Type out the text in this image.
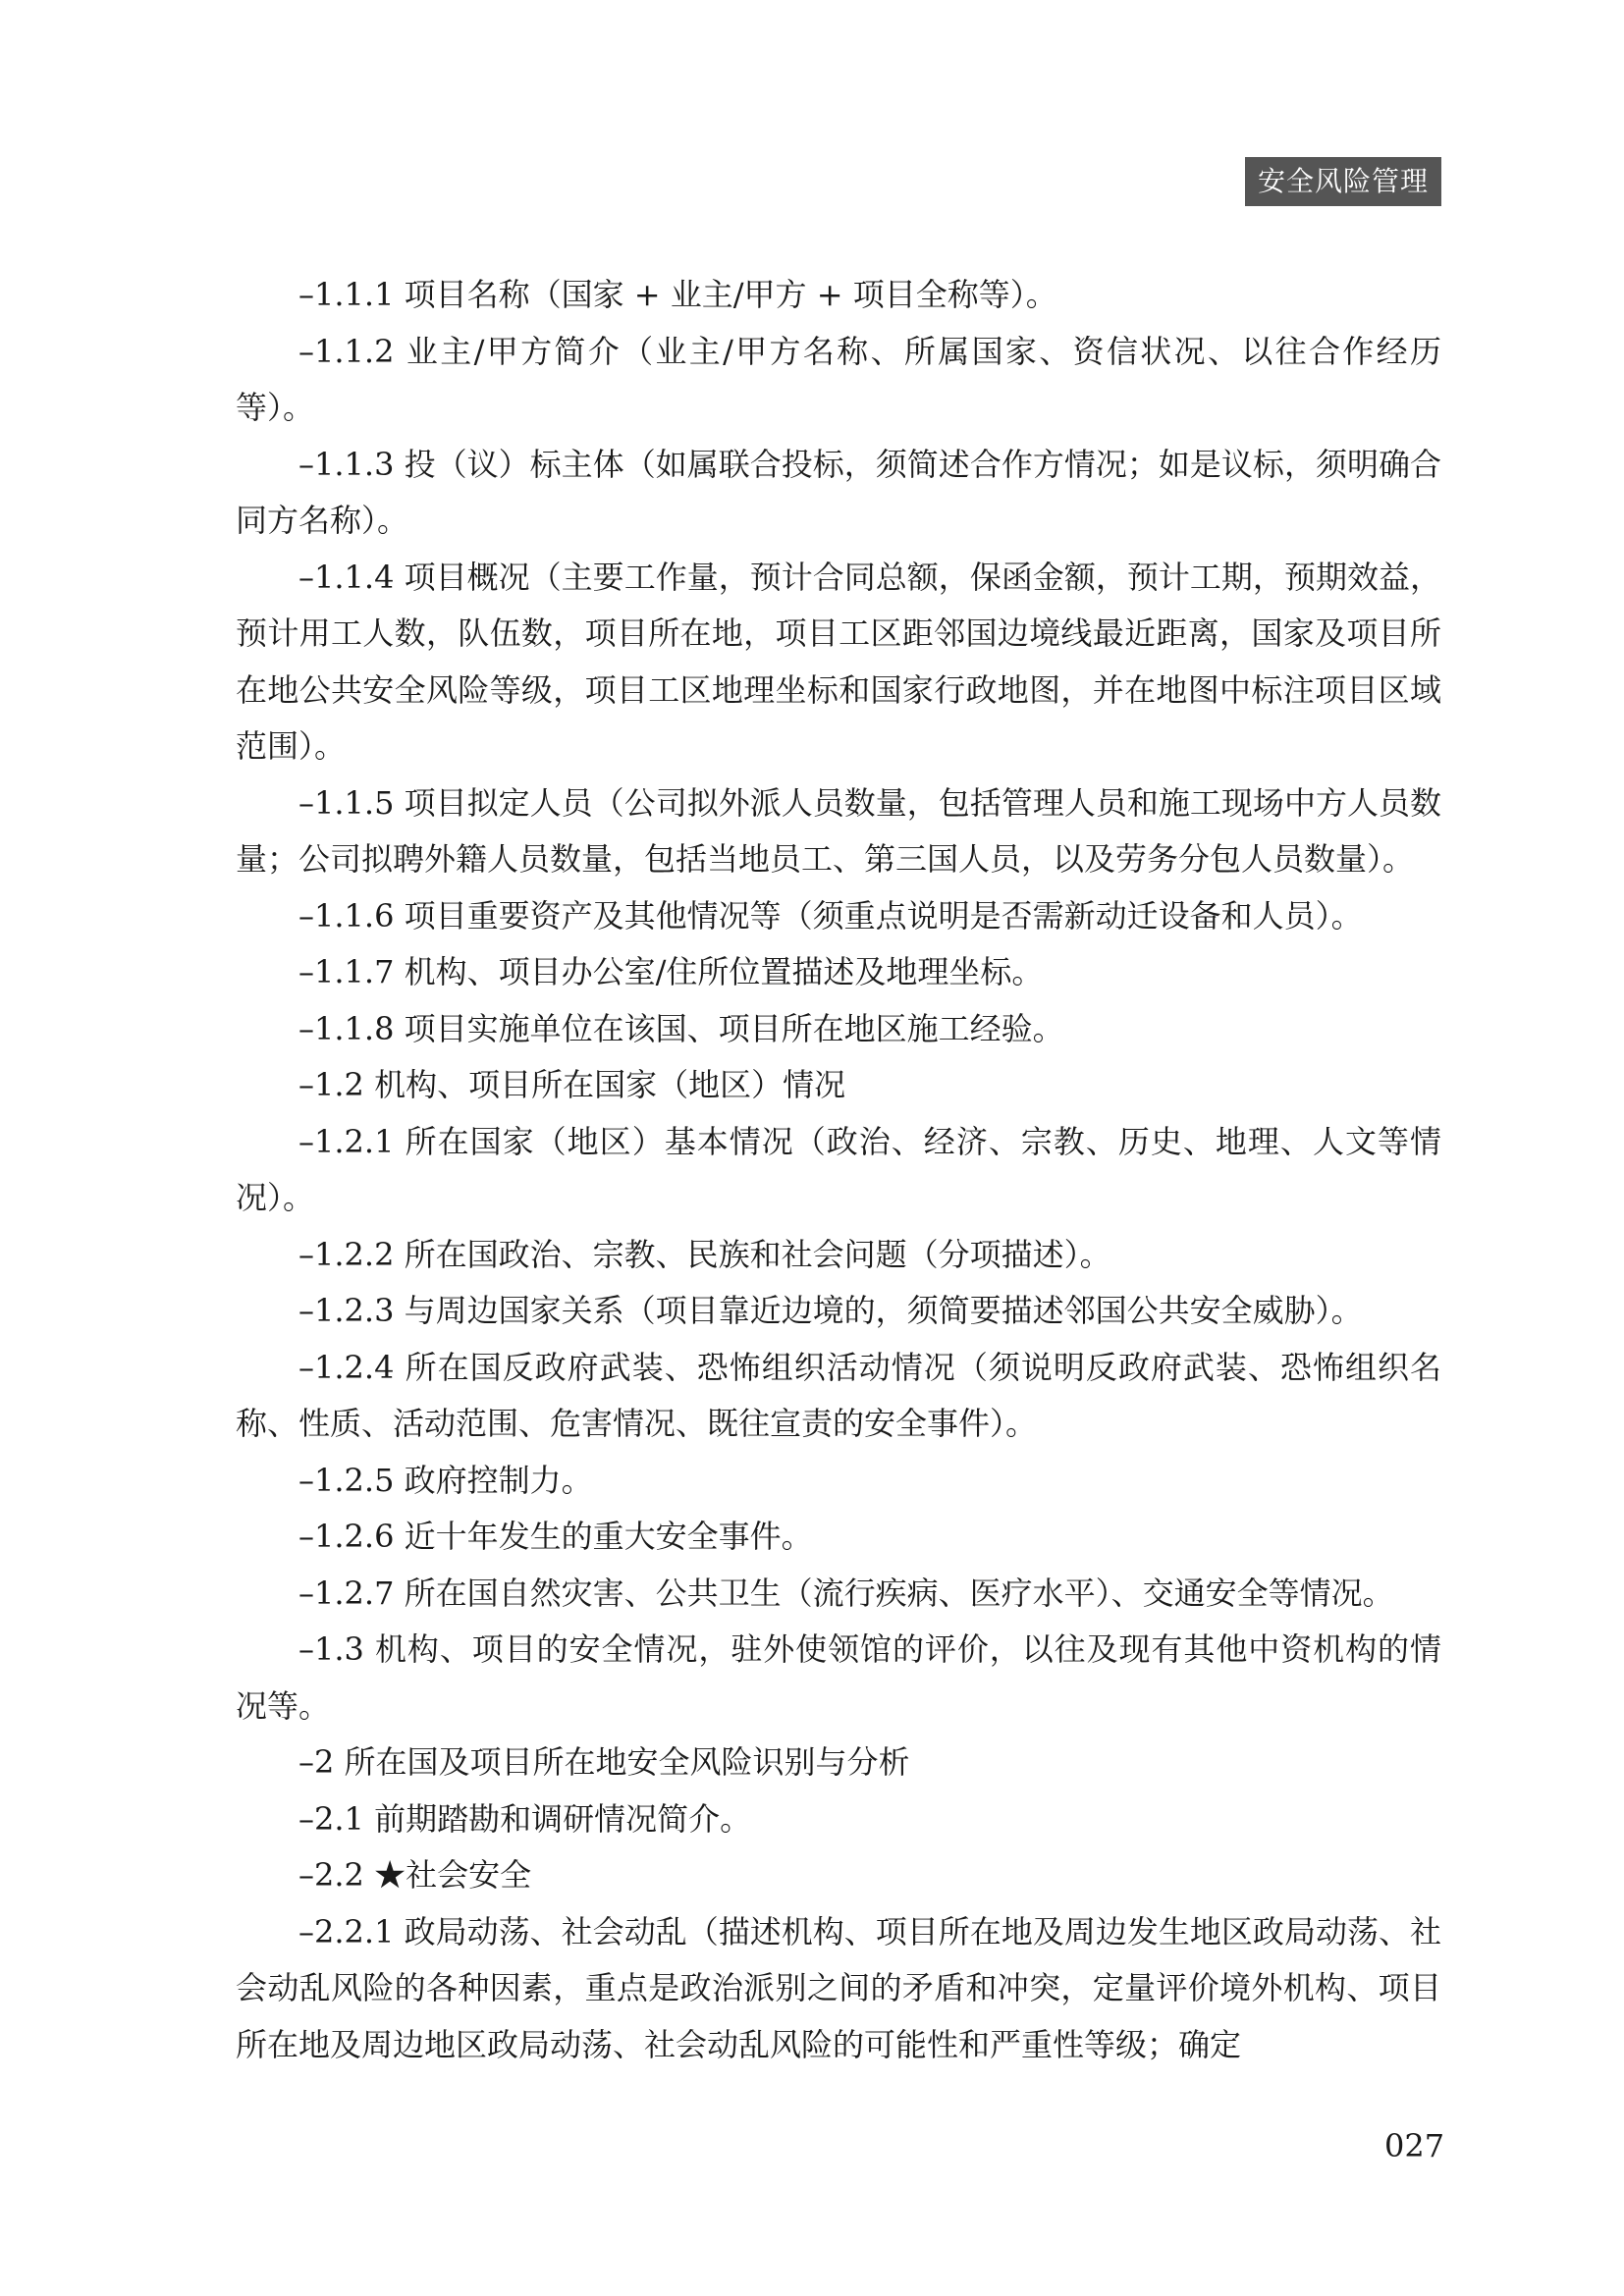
安全风险管理

–1.1.1 项目名称（国家 + 业主/甲方 + 项目全称等）。

–1.1.2 业主/甲方简介（业主/甲方名称、所属国家、资信状况、以往合作经历等）。

–1.1.3 投（议）标主体（如属联合投标，须简述合作方情况；如是议标，须明确合同方名称）。

–1.1.4 项目概况（主要工作量，预计合同总额，保函金额，预计工期，预期效益，预计用工人数，队伍数，项目所在地，项目工区距邻国边境线最近距离，国家及项目所在地公共安全风险等级，项目工区地理坐标和国家行政地图，并在地图中标注项目区域范围）。

–1.1.5 项目拟定人员（公司拟外派人员数量，包括管理人员和施工现场中方人员数量；公司拟聘外籍人员数量，包括当地员工、第三国人员，以及劳务分包人员数量）。

–1.1.6 项目重要资产及其他情况等（须重点说明是否需新动迁设备和人员）。

–1.1.7 机构、项目办公室/住所位置描述及地理坐标。

–1.1.8 项目实施单位在该国、项目所在地区施工经验。

–1.2 机构、项目所在国家（地区）情况

–1.2.1 所在国家（地区）基本情况（政治、经济、宗教、历史、地理、人文等情况）。

–1.2.2 所在国政治、宗教、民族和社会问题（分项描述）。

–1.2.3 与周边国家关系（项目靠近边境的，须简要描述邻国公共安全威胁）。

–1.2.4 所在国反政府武装、恐怖组织活动情况（须说明反政府武装、恐怖组织名称、性质、活动范围、危害情况、既往宣责的安全事件）。

–1.2.5 政府控制力。

–1.2.6 近十年发生的重大安全事件。

–1.2.7 所在国自然灾害、公共卫生（流行疾病、医疗水平）、交通安全等情况。

–1.3 机构、项目的安全情况，驻外使领馆的评价，以往及现有其他中资机构的情况等。

–2 所在国及项目所在地安全风险识别与分析

–2.1 前期踏勘和调研情况简介。

–2.2 ★社会安全

–2.2.1 政局动荡、社会动乱（描述机构、项目所在地及周边发生地区政局动荡、社会动乱风险的各种因素，重点是政治派别之间的矛盾和冲突，定量评价境外机构、项目所在地及周边地区政局动荡、社会动乱风险的可能性和严重性等级；确定

027
